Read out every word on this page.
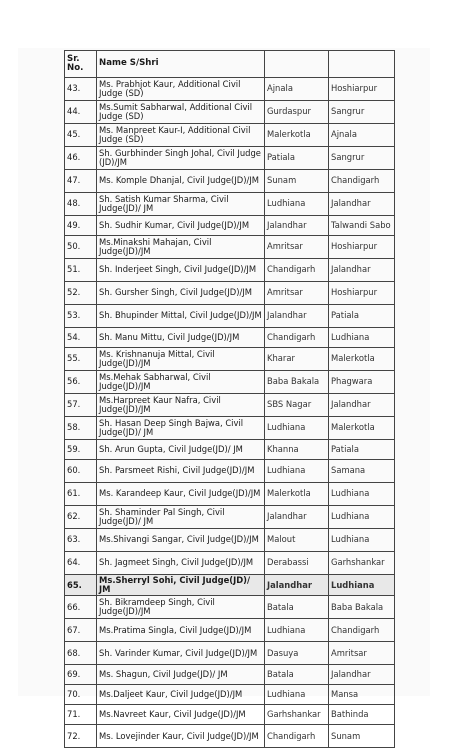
Sr. No.	Name S/Shri		
43.	Ms. Prabhjot Kaur, Additional Civil Judge (SD)	Ajnala	Hoshiarpur
44.	Ms.Sumit Sabharwal, Additional Civil Judge (SD)	Gurdaspur	Sangrur
45.	Ms. Manpreet Kaur-I, Additional Civil Judge (SD)	Malerkotla	Ajnala
46.	Sh. Gurbhinder Singh Johal, Civil Judge (JD)/JM	Patiala	Sangrur
47.	Ms. Komple Dhanjal, Civil Judge(JD)/JM	Sunam	Chandigarh
48.	Sh. Satish Kumar Sharma, Civil Judge(JD)/ JM	Ludhiana	Jalandhar
49.	Sh. Sudhir Kumar, Civil Judge(JD)/JM	Jalandhar	Talwandi Sabo
50.	Ms.Minakshi Mahajan, Civil Judge(JD)/JM	Amritsar	Hoshiarpur
51.	Sh. Inderjeet Singh, Civil Judge(JD)/JM	Chandigarh	Jalandhar
52.	Sh. Gursher Singh, Civil Judge(JD)/JM	Amritsar	Hoshiarpur
53.	Sh. Bhupinder Mittal, Civil Judge(JD)/JM	Jalandhar	Patiala
54.	Sh. Manu Mittu, Civil Judge(JD)/JM	Chandigarh	Ludhiana
55.	Ms. Krishnanuja Mittal, Civil Judge(JD)/JM	Kharar	Malerkotla
56.	Ms.Mehak Sabharwal, Civil Judge(JD)/JM	Baba Bakala	Phagwara
57.	Ms.Harpreet Kaur Nafra, Civil Judge(JD)/JM	SBS Nagar	Jalandhar
58.	Sh. Hasan Deep Singh Bajwa, Civil Judge(JD)/ JM	Ludhiana	Malerkotla
59.	Sh. Arun Gupta, Civil Judge(JD)/ JM	Khanna	Patiala
60.	Sh. Parsmeet Rishi, Civil Judge(JD)/JM	Ludhiana	Samana
61.	Ms. Karandeep Kaur, Civil Judge(JD)/JM	Malerkotla	Ludhiana
62.	Sh. Shaminder Pal Singh, Civil Judge(JD)/ JM	Jalandhar	Ludhiana
63.	Ms.Shivangi Sangar, Civil Judge(JD)/JM	Malout	Ludhiana
64.	Sh. Jagmeet Singh, Civil Judge(JD)/JM	Derabassi	Garhshankar
65.	Ms.Sherryl Sohi, Civil Judge(JD)/ JM	Jalandhar	Ludhiana
66.	Sh. Bikramdeep Singh, Civil Judge(JD)/JM	Batala	Baba Bakala
67.	Ms.Pratima Singla, Civil Judge(JD)/JM	Ludhiana	Chandigarh
68.	Sh. Varinder Kumar, Civil Judge(JD)/JM	Dasuya	Amritsar
69.	Ms. Shagun, Civil Judge(JD)/ JM	Batala	Jalandhar
70.	Ms.Daljeet Kaur, Civil Judge(JD)/JM	Ludhiana	Mansa
71.	Ms.Navreet Kaur, Civil Judge(JD)/JM	Garhshankar	Bathinda
72.	Ms. Lovejinder Kaur, Civil Judge(JD)/JM	Chandigarh	Sunam
